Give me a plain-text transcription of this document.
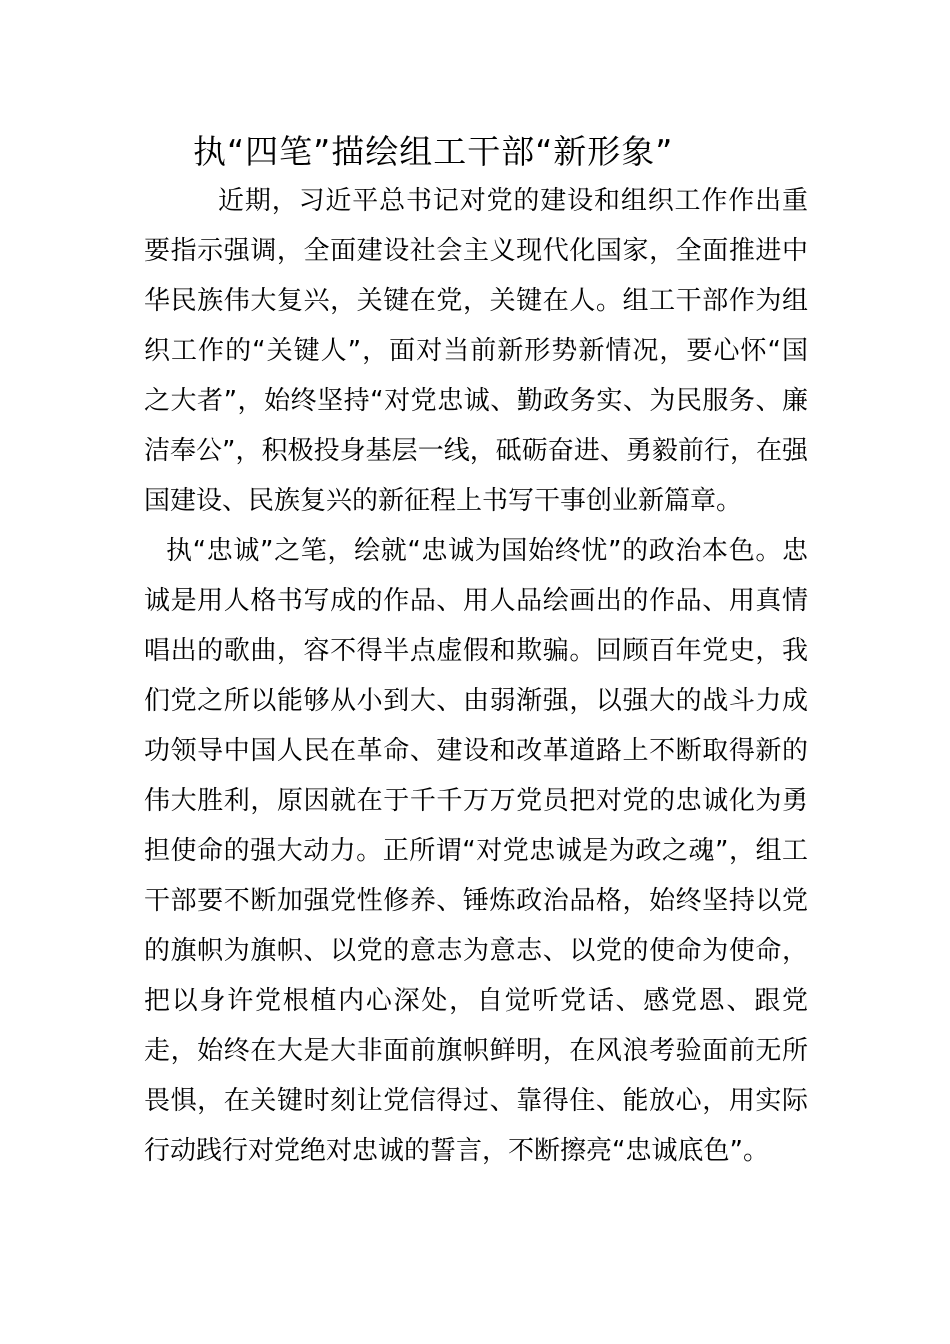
执“四笔”描绘组工干部“新形象”

近期，习近平总书记对党的建设和组织工作作出重要指示强调，全面建设社会主义现代化国家，全面推进中华民族伟大复兴，关键在党，关键在人。组工干部作为组织工作的“关键人”，面对当前新形势新情况，要心怀“国之大者”，始终坚持“对党忠诚、勤政务实、为民服务、廉洁奉公”，积极投身基层一线，砥砺奋进、勇毅前行，在强国建设、民族复兴的新征程上书写干事创业新篇章。

执“忠诚”之笔，绘就“忠诚为国始终忧”的政治本色。忠诚是用人格书写成的作品、用人品绘画出的作品、用真情唱出的歌曲，容不得半点虚假和欺骗。回顾百年党史，我们党之所以能够从小到大、由弱渐强，以强大的战斗力成功领导中国人民在革命、建设和改革道路上不断取得新的伟大胜利，原因就在于千千万万党员把对党的忠诚化为勇担使命的强大动力。正所谓“对党忠诚是为政之魂”，组工干部要不断加强党性修养、锤炼政治品格，始终坚持以党的旗帜为旗帜、以党的意志为意志、以党的使命为使命，把以身许党根植内心深处，自觉听党话、感党恩、跟党走，始终在大是大非面前旗帜鲜明，在风浪考验面前无所畏惧，在关键时刻让党信得过、靠得住、能放心，用实际行动践行对党绝对忠诚的誓言，不断擦亮“忠诚底色”。
